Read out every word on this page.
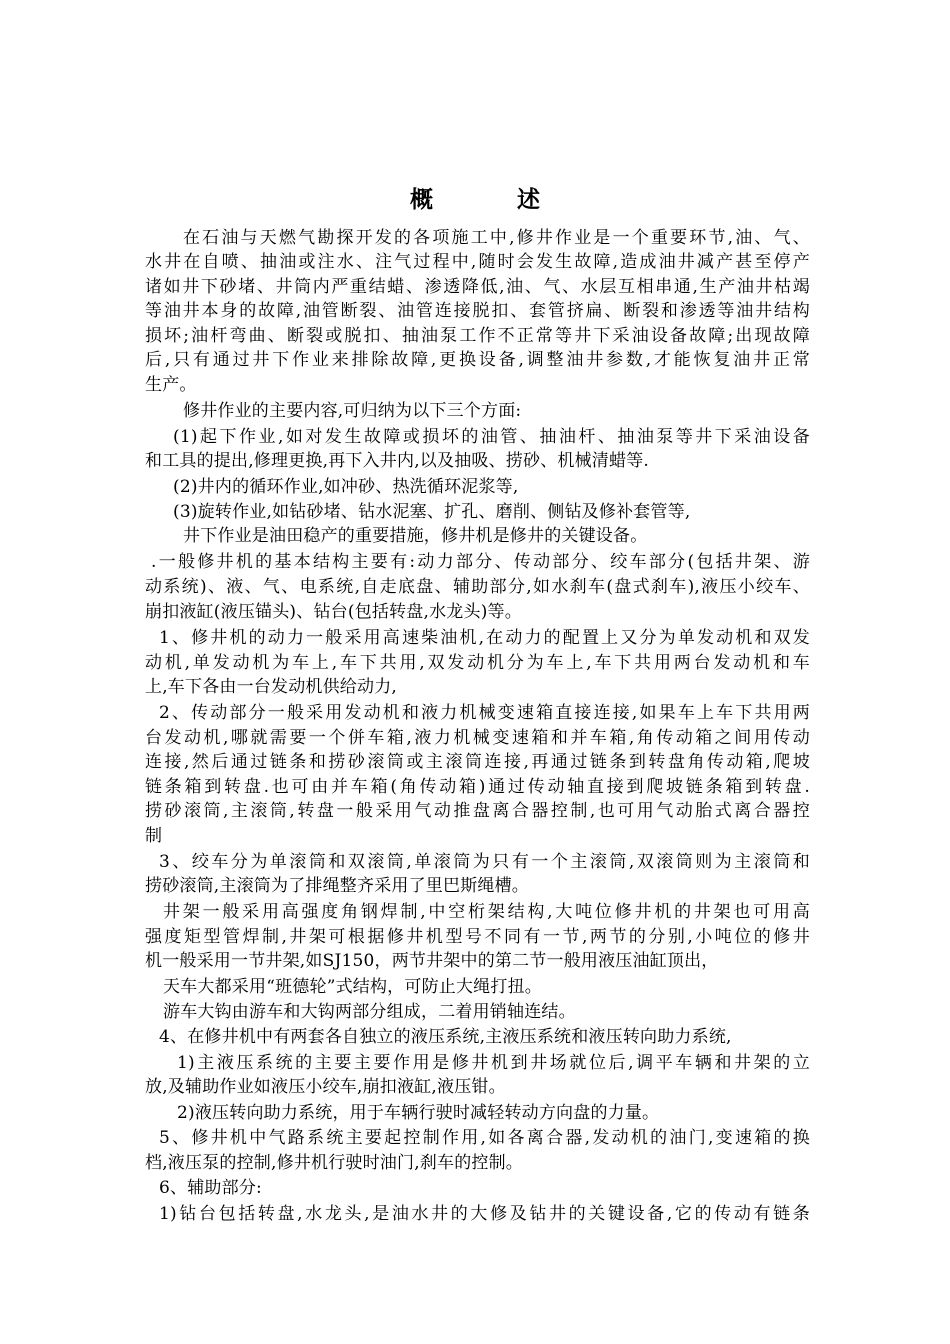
概 述
在石油与天燃气勘探开发的各项施工中,修井作业是一个重要环节,油、气、
水井在自喷、抽油或注水、注气过程中,随时会发生故障,造成油井减产甚至停产
诸如井下砂堵、井筒内严重结蜡、渗透降低,油、气、水层互相串通,生产油井枯竭
等油井本身的故障,油管断裂、油管连接脱扣、套管挤扁、断裂和渗透等油井结构
损坏;油杆弯曲、断裂或脱扣、抽油泵工作不正常等井下采油设备故障;出现故障
后,只有通过井下作业来排除故障,更换设备,调整油井参数,才能恢复油井正常
生产。
修井作业的主要内容,可归纳为以下三个方面:
(1)起下作业,如对发生故障或损坏的油管、抽油杆、抽油泵等井下采油设备
和工具的提出,修理更换,再下入井内,以及抽吸、捞砂、机械清蜡等.
(2)井内的循环作业,如冲砂、热洗循环泥浆等,
(3)旋转作业,如钻砂堵、钻水泥塞、扩孔、磨削、侧钻及修补套管等,
井下作业是油田稳产的重要措施，修井机是修井的关键设备。
.一般修井机的基本结构主要有:动力部分、传动部分、绞车部分(包括井架、游
动系统)、液、气、电系统,自走底盘、辅助部分,如水刹车(盘式刹车),液压小绞车、
崩扣液缸(液压锚头)、钻台(包括转盘,水龙头)等。
1、修井机的动力一般采用高速柴油机,在动力的配置上又分为单发动机和双发
动机,单发动机为车上,车下共用,双发动机分为车上,车下共用两台发动机和车
上,车下各由一台发动机供给动力,
2、传动部分一般采用发动机和液力机械变速箱直接连接,如果车上车下共用两
台发动机,哪就需要一个併车箱,液力机械变速箱和并车箱,角传动箱之间用传动
连接,然后通过链条和捞砂滚筒或主滚筒连接,再通过链条到转盘角传动箱,爬坡
链条箱到转盘.也可由并车箱(角传动箱)通过传动轴直接到爬坡链条箱到转盘.
捞砂滚筒,主滚筒,转盘一般采用气动推盘离合器控制,也可用气动胎式离合器控
制
3、绞车分为单滚筒和双滚筒,单滚筒为只有一个主滚筒,双滚筒则为主滚筒和
捞砂滚筒,主滚筒为了排绳整齐采用了里巴斯绳槽。
井架一般采用高强度角钢焊制,中空桁架结构,大吨位修井机的井架也可用高
强度矩型管焊制,井架可根据修井机型号不同有一节,两节的分别,小吨位的修井
机一般采用一节井架,如SJ150，两节井架中的第二节一般用液压油缸顶出，
天车大都采用“班德轮”式结构，可防止大绳打扭。
游车大钩由游车和大钩两部分组成，二着用销轴连结。
4、在修井机中有两套各自独立的液压系统,主液压系统和液压转向助力系统,
1)主液压系统的主要主要作用是修井机到井场就位后,调平车辆和井架的立
放,及辅助作业如液压小绞车,崩扣液缸,液压钳。
2)液压转向助力系统，用于车辆行驶时减轻转动方向盘的力量。
5、修井机中气路系统主要起控制作用,如各离合器,发动机的油门,变速箱的换
档,液压泵的控制,修井机行驶时油门,刹车的控制。
6、辅助部分:
1)钻台包括转盘,水龙头,是油水井的大修及钻井的关键设备,它的传动有链条
